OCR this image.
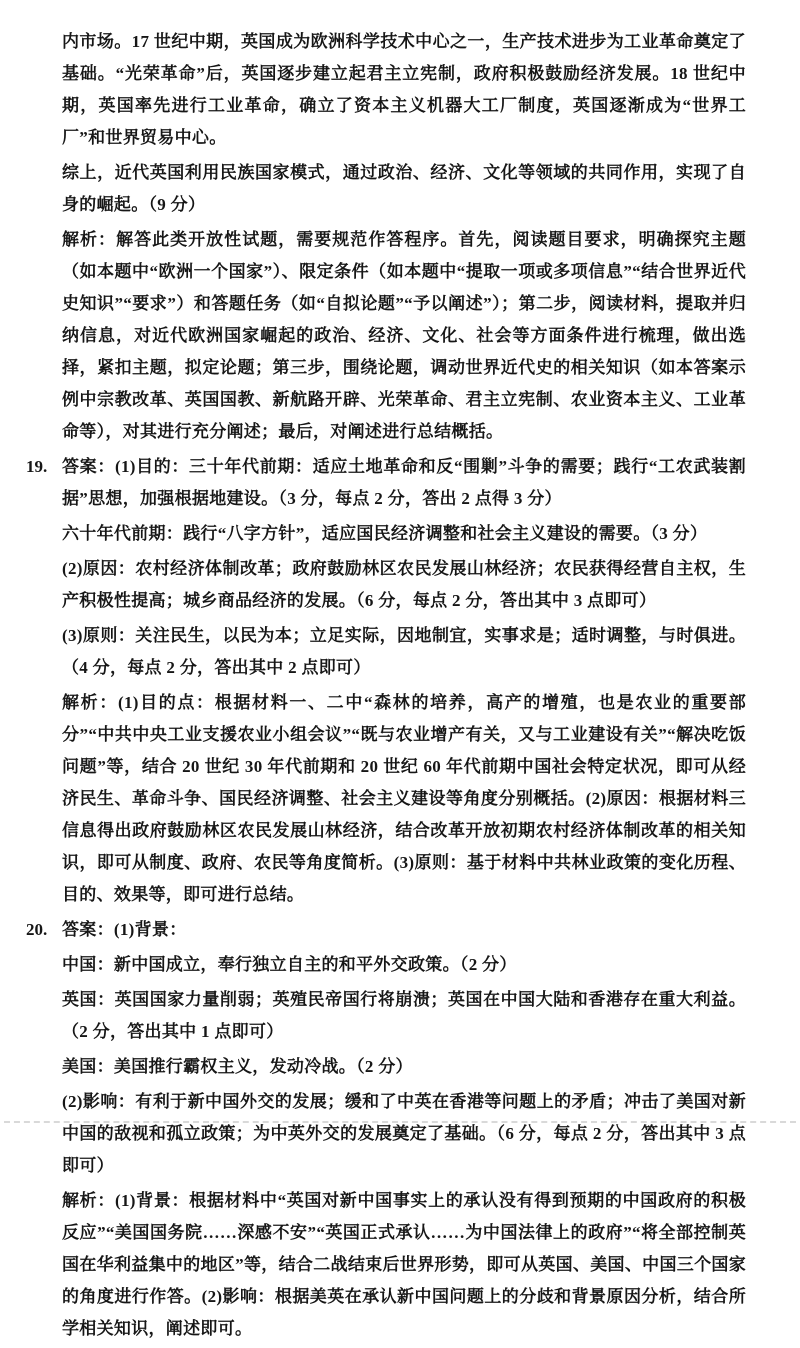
内市场。17 世纪中期，英国成为欧洲科学技术中心之一，生产技术进步为工业革命奠定了基础。“光荣革命”后，英国逐步建立起君主立宪制，政府积极鼓励经济发展。18 世纪中期，英国率先进行工业革命，确立了资本主义机器大工厂制度，英国逐渐成为“世界工厂”和世界贸易中心。

综上，近代英国利用民族国家模式，通过政治、经济、文化等领域的共同作用，实现了自身的崛起。（9 分）

解析：解答此类开放性试题，需要规范作答程序。首先，阅读题目要求，明确探究主题（如本题中“欧洲一个国家”）、限定条件（如本题中“提取一项或多项信息”“结合世界近代史知识”“要求”）和答题任务（如“自拟论题”“予以阐述”）；第二步，阅读材料，提取并归纳信息，对近代欧洲国家崛起的政治、经济、文化、社会等方面条件进行梳理，做出选择，紧扣主题，拟定论题；第三步，围绕论题，调动世界近代史的相关知识（如本答案示例中宗教改革、英国国教、新航路开辟、光荣革命、君主立宪制、农业资本主义、工业革命等），对其进行充分阐述；最后，对阐述进行总结概括。

19. 答案：(1)目的：三十年代前期：适应土地革命和反“围剿”斗争的需要；践行“工农武装割据”思想，加强根据地建设。（3 分，每点 2 分，答出 2 点得 3 分）

六十年代前期：践行“八字方针”，适应国民经济调整和社会主义建设的需要。（3 分）

(2)原因：农村经济体制改革；政府鼓励林区农民发展山林经济；农民获得经营自主权，生产积极性提高；城乡商品经济的发展。（6 分，每点 2 分，答出其中 3 点即可）

(3)原则：关注民生，以民为本；立足实际，因地制宜，实事求是；适时调整，与时俱进。（4 分，每点 2 分，答出其中 2 点即可）

解析：(1)目的点：根据材料一、二中“森林的培养，高产的增殖，也是农业的重要部分”“中共中央工业支援农业小组会议”“既与农业增产有关，又与工业建设有关”“解决吃饭问题”等，结合 20 世纪 30 年代前期和 20 世纪 60 年代前期中国社会特定状况，即可从经济民生、革命斗争、国民经济调整、社会主义建设等角度分别概括。(2)原因：根据材料三信息得出政府鼓励林区农民发展山林经济，结合改革开放初期农村经济体制改革的相关知识，即可从制度、政府、农民等角度简析。(3)原则：基于材料中共林业政策的变化历程、目的、效果等，即可进行总结。

20. 答案：(1)背景：

中国：新中国成立，奉行独立自主的和平外交政策。（2 分）

英国：英国国家力量削弱；英殖民帝国行将崩溃；英国在中国大陆和香港存在重大利益。（2 分，答出其中 1 点即可）

美国：美国推行霸权主义，发动冷战。（2 分）

(2)影响：有利于新中国外交的发展；缓和了中英在香港等问题上的矛盾；冲击了美国对新中国的敌视和孤立政策；为中英外交的发展奠定了基础。（6 分，每点 2 分，答出其中 3 点即可）

解析：(1)背景：根据材料中“英国对新中国事实上的承认没有得到预期的中国政府的积极反应”“美国国务院……深感不安”“英国正式承认……为中国法律上的政府”“将全部控制英国在华利益集中的地区”等，结合二战结束后世界形势，即可从英国、美国、中国三个国家的角度进行作答。(2)影响：根据美英在承认新中国问题上的分歧和背景原因分析，结合所学相关知识，阐述即可。
